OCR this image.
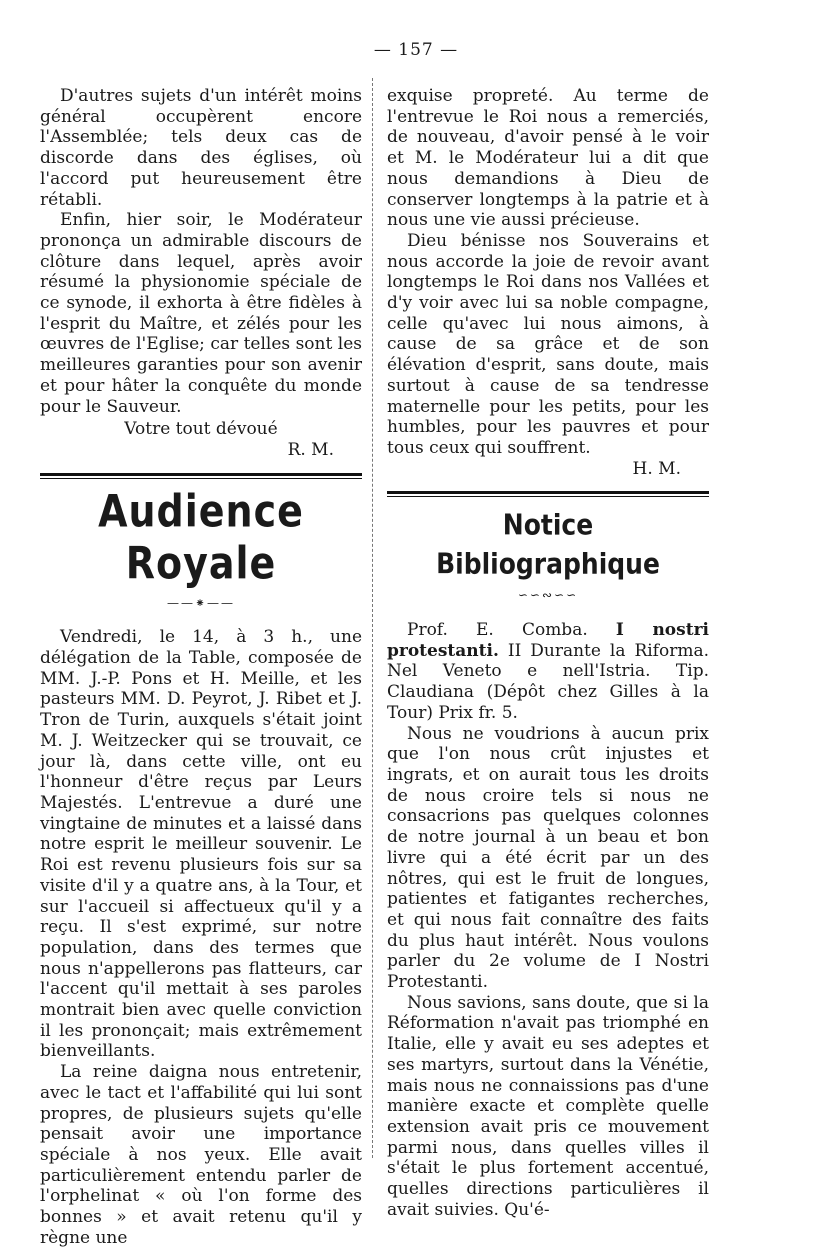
— 157 —

D'autres sujets d'un intérêt moins général occupèrent encore l'Assemblée; tels deux cas de discorde dans des églises, où l'accord put heureusement être rétabli.

Enfin, hier soir, le Modérateur prononça un admirable discours de clôture dans lequel, après avoir résumé la physionomie spéciale de ce synode, il exhorta à être fidèles à l'esprit du Maître, et zélés pour les œuvres de l'Eglise; car telles sont les meilleures garanties pour son avenir et pour hâter la conquête du monde pour le Sauveur.

Votre tout dévoué

R. M.

Audience Royale
——⁕——

Vendredi, le 14, à 3 h., une délégation de la Table, composée de MM. J.-P. Pons et H. Meille, et les pasteurs MM. D. Peyrot, J. Ribet et J. Tron de Turin, auxquels s'était joint M. J. Weitzecker qui se trouvait, ce jour là, dans cette ville, ont eu l'honneur d'être reçus par Leurs Majestés. L'entrevue a duré une vingtaine de minutes et a laissé dans notre esprit le meilleur souvenir. Le Roi est revenu plusieurs fois sur sa visite d'il y a quatre ans, à la Tour, et sur l'accueil si affectueux qu'il y a reçu. Il s'est exprimé, sur notre population, dans des termes que nous n'appellerons pas flatteurs, car l'accent qu'il mettait à ses paroles montrait bien avec quelle conviction il les prononçait; mais extrêmement bienveillants.

La reine daigna nous entretenir, avec le tact et l'affabilité qui lui sont propres, de plusieurs sujets qu'elle pensait avoir une importance spéciale à nos yeux. Elle avait particulièrement entendu parler de l'orphelinat « où l'on forme des bonnes » et avait retenu qu'il y règne une

exquise propreté. Au terme de l'entrevue le Roi nous a remerciés, de nouveau, d'avoir pensé à le voir et M. le Modérateur lui a dit que nous demandions à Dieu de conserver longtemps à la patrie et à nous une vie aussi précieuse.

Dieu bénisse nos Souverains et nous accorde la joie de revoir avant longtemps le Roi dans nos Vallées et d'y voir avec lui sa noble compagne, celle qu'avec lui nous aimons, à cause de sa grâce et de son élévation d'esprit, sans doute, mais surtout à cause de sa tendresse maternelle pour les petits, pour les humbles, pour les pauvres et pour tous ceux qui souffrent.

H. M.

Notice Bibliographique
∽∽∾∽∽

Prof. E. Comba. I nostri protestanti. II Durante la Riforma. Nel Veneto e nell'Istria. Tip. Claudiana (Dépôt chez Gilles à la Tour) Prix fr. 5.

Nous ne voudrions à aucun prix que l'on nous crût injustes et ingrats, et on aurait tous les droits de nous croire tels si nous ne consacrions pas quelques colonnes de notre journal à un beau et bon livre qui a été écrit par un des nôtres, qui est le fruit de longues, patientes et fatigantes recherches, et qui nous fait connaître des faits du plus haut intérêt. Nous voulons parler du 2e volume de I Nostri Protestanti.

Nous savions, sans doute, que si la Réformation n'avait pas triomphé en Italie, elle y avait eu ses adeptes et ses martyrs, surtout dans la Vénétie, mais nous ne connaissions pas d'une manière exacte et complète quelle extension avait pris ce mouvement parmi nous, dans quelles villes il s'était le plus fortement accentué, quelles directions particulières il avait suivies. Qu'é-
